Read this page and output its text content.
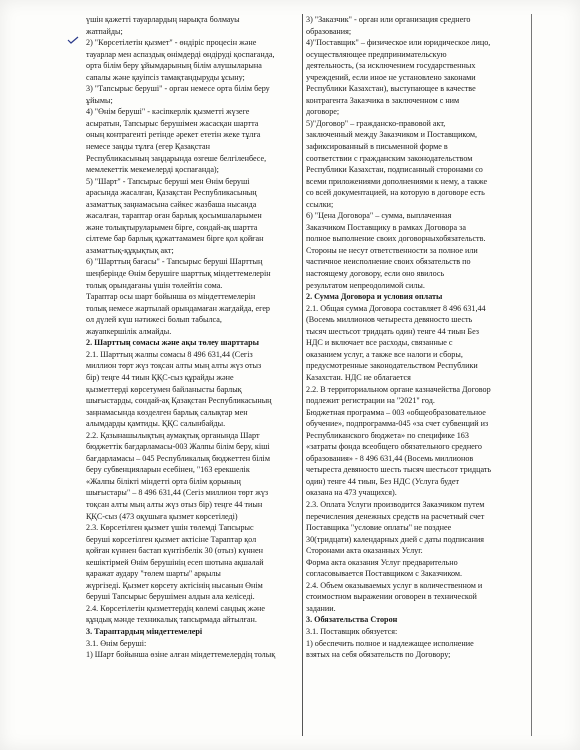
үшін қажетті тауарлардың нарықта болмауы
жатпайды;
2) "Көрсетілетін қызмет" - өндіріс процесін және
тауарлар мен аспаздық өнімдерді өндіруді қоспағанда,
орта білім беру ұйымдарының білім алушыларына
сапалы және қауіпсіз тамақтандыруды ұсыну;
3) "Тапсырыс беруші" - орган немесе орта білім беру
ұйымы;
4) "Өнім беруші" - кәсіпкерлік қызметті жүзеге
асыратын, Тапсырыс берушімен жасасқан шартта
оның контрагенті ретінде әрекет ететін жеке тұлға
немесе заңды тұлға (егер Қазақстан
Республикасының заңдарында өзгеше белгіленбесе,
мемлекеттік мекемелерді қоспағанда);
5) "Шарт" - Тапсырыс беруші мен Өнім беруші
арасында жасалған, Қазақстан Республикасының
азаматтық заңнамасына сәйкес жазбаша нысанда
жасалған, тараптар оған барлық қосымшаларымен
және толықтыруларымен бірге, сондай-ақ шартта
сілтеме бар барлық құжаттамамен бірге қол қойған
азаматтық-құқықтық акт;
6) "Шарттың бағасы" - Тапсырыс беруші Шарттың
шеңберінде Өнім берушіге шарттық міндеттемелерін
толық орындағаны үшін төлейтін сома.
Тараптар осы шарт бойынша өз міндеттемелерін
толық немесе жартылай орындамаған жағдайда, егер
ол дүлей күш нәтижесі болып табылса,
жауапкершілік алмайды.
2. Шарттың сомасы және ақы төлеу шарттары
2.1. Шарттың жалпы сомасы 8 496 631,44 (Сегіз
миллион төрт жүз тоқсан алты мың алты жүз отыз
бір) теңге 44 тиын ҚҚС-сыз құрайды және
қызметтерді көрсетумен байланысты барлық
шығыстарды, сондай-ақ Қазақстан Республикасының
заңнамасында көзделген барлық салықтар мен
алымдарды қамтиды. ҚҚС салынбайды.
2.2. Қазынашылықтың аумақтық органында Шарт
бюджеттік бағдарламасы-003 Жалпы білім беру, кіші
бағдарламасы – 045 Республикалық бюджеттен білім
беру субвенцияларын есебінен, "163 ерекшелік
«Жалпы білікті міндетті орта білім қорының
шығыстары" – 8 496 631,44 (Сегіз миллион төрт жүз
тоқсан алты мың алты жүз отыз бір) теңге 44 тиын
ҚҚС-сыз (473 оқушыға қызмет көрсетіледі)
2.3. Көрсетілген қызмет үшін төлемді Тапсырыс
беруші көрсетілген қызмет актісіне Тараптар қол
қойған күннен бастап күнтізбелік 30 (отыз) күннен
кешіктірмей Өнім берушінің есеп шотына ақшалай
қаражат аудару "төлем шарты" арқылы
жүргізеді. Қызмет көрсету актісінің нысанын Өнім
беруші Тапсырыс берушімен алдын ала келіседі.
2.4. Көрсетілетін қызметтердің көлемі сандық және
құндық мәнде техникалық тапсырмада айтылған.
3. Тараптардың міндеттемелері
3.1. Өнім беруші:
1) Шарт бойынша өзіне алған міндеттемелердің толық
3) "Заказчик" - орган или организация среднего
образования;
4)"Поставщик" – физическое или юридическое лицо,
осуществляющее предпринимательскую
деятельность, (за исключением государственных
учреждений, если иное не установлено законами
Республики Казахстан), выступающее в качестве
контрагента Заказчика в заключенном с ним
договоре;
5)"Договор" – гражданско-правовой акт,
заключенный между Заказчиком и Поставщиком,
зафиксированный в письменной форме в
соответствии с гражданским законодательством
Республики Казахстан, подписанный сторонами со
всеми приложениями дополнениями к нему, а также
со всей документацией, на которую в договоре есть
ссылки;
6) "Цена Договора" – сумма, выплаченная
Заказчиком Поставщику в рамках Договора за
полное выполнение своих договорныхобязательств.
Стороны не несут ответственности за полное или
частичное неисполнение своих обязательств по
настоящему договору, если оно явилось
результатом непреодолимой силы.
2. Сумма Договора и условия оплаты
2.1. Общая сумма Договора составляет 8 496 631,44
(Восемь миллионов четыреста девяносто шесть
тысяч шестьсот тридцать один) тенге 44 тиын Без
НДС и включает все расходы, связанные с
оказанием услуг, а также все налоги и сборы,
предусмотренные законодательством Республики
Казахстан. НДС не облагается
2.2. В территориальном органе казначейства Договор
подлежит регистрации на "2021" год.
Бюджетная программа – 003 «общеобразовательное
обучение», подпрограмма-045 «за счет субвенций из
Республиканского бюджета» по специфике 163
«затраты фонда всеобщего обязательного среднего
образования» - 8 496 631,44 (Восемь миллионов
четыреста девяносто шесть тысяч шестьсот тридцать
один) тенге 44 тиын, Без НДС (Услуга будет
оказана на 473 учащихся).
2.3. Оплата Услуги производится Заказчиком путем
перечисления денежных средств на расчетный счет
Поставщика "условие оплаты" не позднее
30(тридцати) календарных дней с даты подписания
Сторонами акта оказанных Услуг.
Форма акта оказания Услуг предварительно
согласовывается Поставщиком с Заказчиком.
2.4. Объем оказываемых услуг в количественном и
стоимостном выражении оговорен в технической
задании.
3. Обязательства Сторон
3.1. Поставщик обязуется:
1) обеспечить полное и надлежащее исполнение
взятых на себя обязательств по Договору;
